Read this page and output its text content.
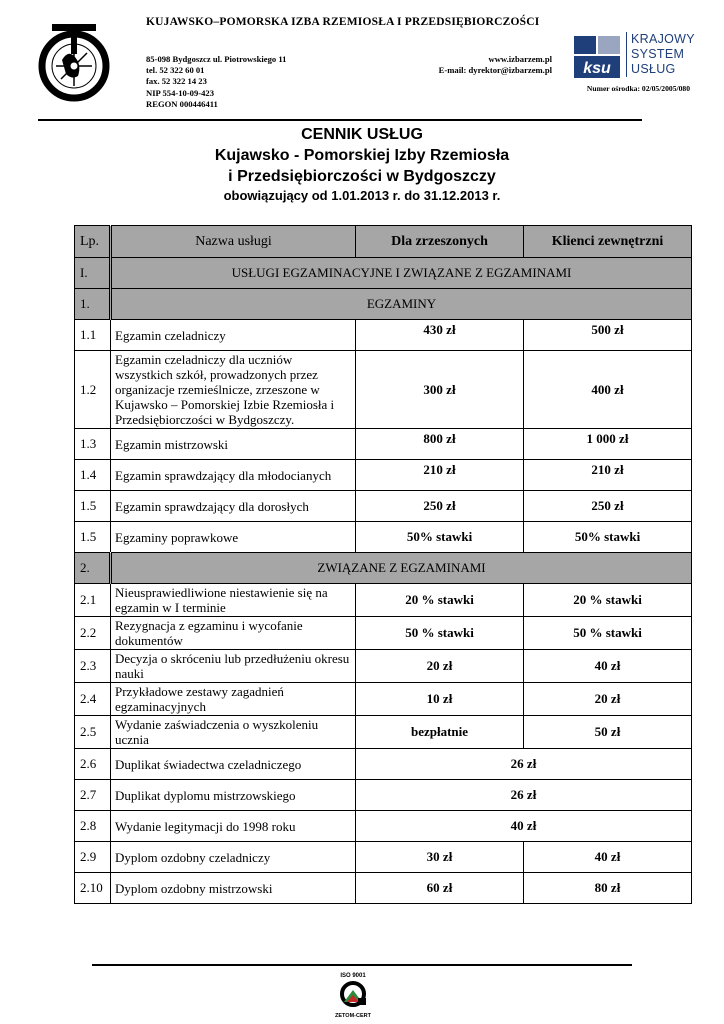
KUJAWSKO–POMORSKA IZBA RZEMIOSŁA I PRZEDSIĘBIORCZOŚCI
85-098 Bydgoszcz ul. Piotrowskiego 11
tel. 52 322 60 01
fax. 52 322 14 23
NIP 554-10-09-423
REGON 000446411
www.izbarzem.pl
E-mail: dyrektor@izbarzem.pl ksu
KRAJOWY
SYSTEM
USŁUG
Numer ośrodka: 02/05/2005/080
CENNIK USŁUG
Kujawsko - Pomorskiej Izby Rzemiosła
i Przedsiębiorczości w Bydgoszczy
obowiązujący od 1.01.2013 r. do 31.12.2013 r.
Lp.	Nazwa usługi	Dla zrzeszonych	Klienci zewnętrzni
I.	USŁUGI EGZAMINACYJNE I ZWIĄZANE Z EGZAMINAMI		
1.	EGZAMINY		
1.1	Egzamin czeladniczy	430 zł	500 zł
1.2	Egzamin czeladniczy dla uczniów wszystkich szkół, prowadzonych przez organizacje rzemieślnicze, zrzeszone w Kujawsko – Pomorskiej Izbie Rzemiosła i Przedsiębiorczości w Bydgoszczy.	300 zł	400 zł
1.3	Egzamin mistrzowski	800 zł	1 000 zł
1.4	Egzamin sprawdzający dla młodocianych	210 zł	210 zł
1.5	Egzamin sprawdzający dla dorosłych	250 zł	250 zł
1.5	Egzaminy poprawkowe	50% stawki	50% stawki
2.	ZWIĄZANE Z EGZAMINAMI		
2.1	Nieusprawiedliwione niestawienie się na egzamin w I terminie	20 % stawki	20 % stawki
2.2	Rezygnacja z egzaminu i wycofanie dokumentów	50 % stawki	50 % stawki
2.3	Decyzja o skróceniu lub przedłużeniu okresu nauki	20 zł	40 zł
2.4	Przykładowe zestawy zagadnień egzaminacyjnych	10 zł	20 zł
2.5	Wydanie zaświadczenia o wyszkoleniu ucznia	bezpłatnie	50 zł
2.6	Duplikat świadectwa czeladniczego	26 zł	
2.7	Duplikat dyplomu mistrzowskiego	26 zł	
2.8	Wydanie legitymacji do 1998 roku	40 zł	
2.9	Dyplom ozdobny czeladniczy	30 zł	40 zł
2.10	Dyplom ozdobny mistrzowski	60 zł	80 zł
ISO 9001
ZETOM-CERT
